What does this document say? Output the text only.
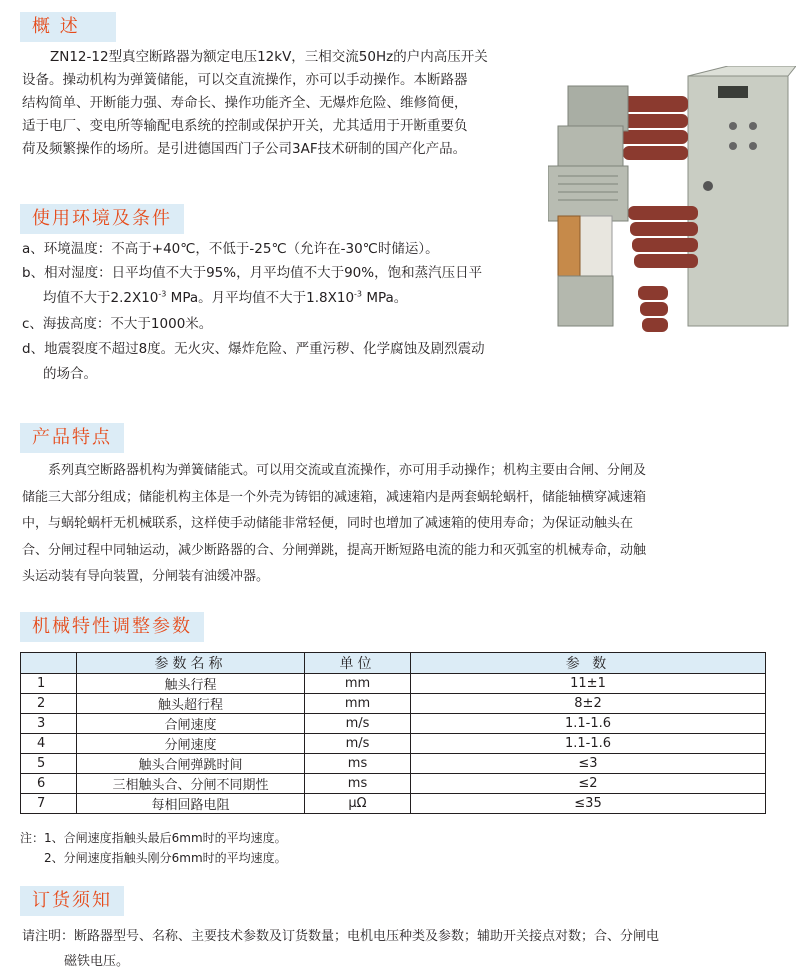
概 述
ZN12-12型真空断路器为额定电压12kV，三相交流50Hz的户内高压开关
设备。操动机构为弹簧储能，可以交直流操作，亦可以手动操作。本断路器
结构简单、开断能力强、寿命长、操作功能齐全、无爆炸危险、维修简便，
适于电厂、变电所等输配电系统的控制或保护开关，尤其适用于开断重要负
荷及频繁操作的场所。是引进德国西门子公司3AF技术研制的国产化产品。
使用环境及条件
a、环境温度：不高于+40℃，不低于-25℃（允许在-30℃时储运）。
b、相对湿度：日平均值不大于95%，月平均值不大于90%，饱和蒸汽压日平
均值不大于$2.2X10^{-3}$ MPa。月平均值不大于$1.8X10^{-3}$ MPa。
c、海拔高度：不大于1000米。
d、地震裂度不超过8度。无火灾、爆炸危险、严重污秽、化学腐蚀及剧烈震动
的场合。
产品特点
系列真空断路器机构为弹簧储能式。可以用交流或直流操作，亦可用手动操作；机构主要由合闸、分闸及
储能三大部分组成；储能机构主体是一个外壳为铸铝的减速箱，减速箱内是两套蜗轮蜗杆，储能轴横穿减速箱
中，与蜗轮蜗杆无机械联系，这样使手动储能非常轻便，同时也增加了减速箱的使用寿命；为保证动触头在
合、分闸过程中同轴运动，减少断路器的合、分闸弹跳，提高开断短路电流的能力和灭弧室的机械寿命，动触
头运动装有导向装置，分闸装有油缓冲器。
机械特性调整参数
	参数名称	单位	参 数
1	触头行程	mm	11±1
2	触头超行程	mm	8±2
3	合闸速度	m/s	1.1-1.6
4	分闸速度	m/s	1.1-1.6
5	触头合闸弹跳时间	ms	≤3
6	三相触头合、分闸不同期性	ms	≤2
7	每相回路电阻	μΩ	≤35
注：1、合闸速度指触头最后6mm时的平均速度。
2、分闸速度指触头刚分6mm时的平均速度。
订货须知
请注明：断路器型号、名称、主要技术参数及订货数量；电机电压种类及参数；辅助开关接点对数；合、分闸电
磁铁电压。
